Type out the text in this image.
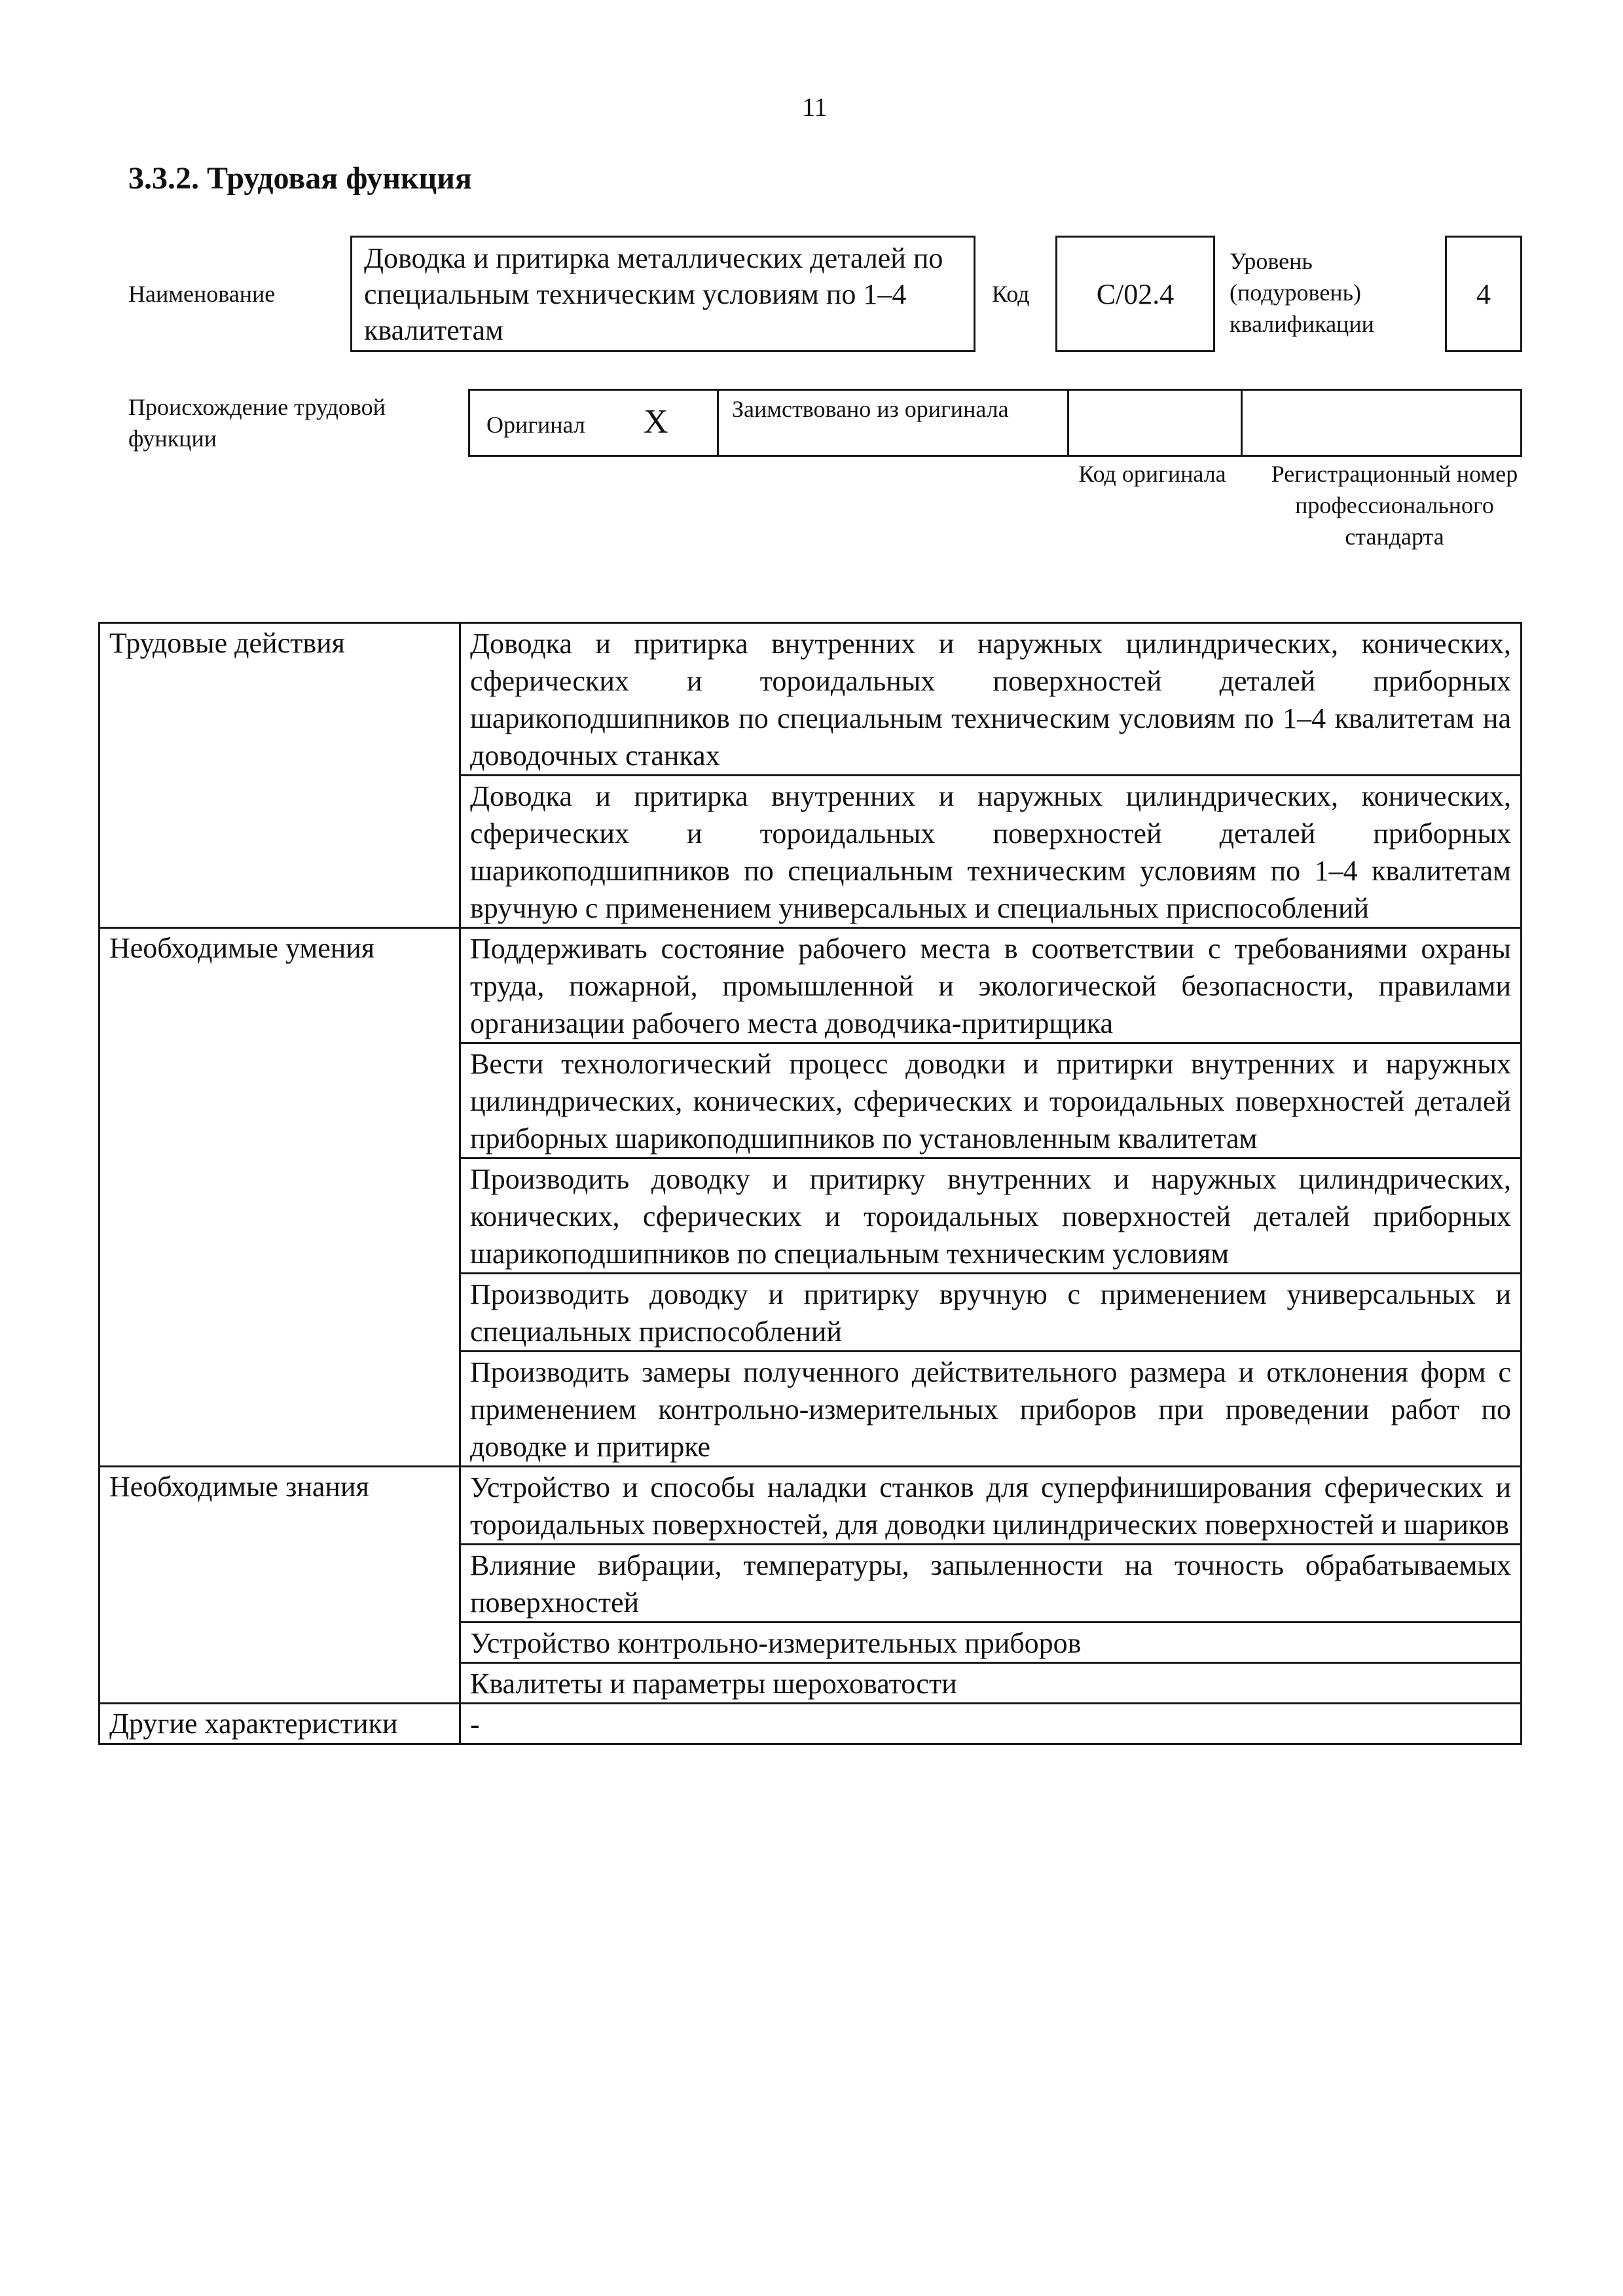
11
3.3.2. Трудовая функция
Наименование
Доводка и притирка металлических деталей по специальным техническим условиям по 1–4 квалитетам
Код	C/02.4
Уровень (подуровень) квалификации
4
Происхождение трудовой функции
Оригинал X	Заимствовано из оригинала
Код оригинала	Регистрационный номер профессионального стандарта
Трудовые действия	Доводка и притирка внутренних и наружных цилиндрических, конических, сферических и тороидальных поверхностей деталей приборных шарикоподшипников по специальным техническим условиям по 1–4 квалитетам на доводочных станках
	Доводка и притирка внутренних и наружных цилиндрических, конических, сферических и тороидальных поверхностей деталей приборных шарикоподшипников по специальным техническим условиям по 1–4 квалитетам вручную с применением универсальных и специальных приспособлений
Необходимые умения	Поддерживать состояние рабочего места в соответствии с требованиями охраны труда, пожарной, промышленной и экологической безопасности, правилами организации рабочего места доводчика-притирщика
	Вести технологический процесс доводки и притирки внутренних и наружных цилиндрических, конических, сферических и тороидальных поверхностей деталей приборных шарикоподшипников по установленным квалитетам
	Производить доводку и притирку внутренних и наружных цилиндрических, конических, сферических и тороидальных поверхностей деталей приборных шарикоподшипников по специальным техническим условиям
	Производить доводку и притирку вручную с применением универсальных и специальных приспособлений
	Производить замеры полученного действительного размера и отклонения форм с применением контрольно-измерительных приборов при проведении работ по доводке и притирке
Необходимые знания	Устройство и способы наладки станков для суперфиниширования сферических и тороидальных поверхностей, для доводки цилиндрических поверхностей и шариков
	Влияние вибрации, температуры, запыленности на точность обрабатываемых поверхностей
	Устройство контрольно-измерительных приборов
	Квалитеты и параметры шероховатости
Другие характеристики	-
